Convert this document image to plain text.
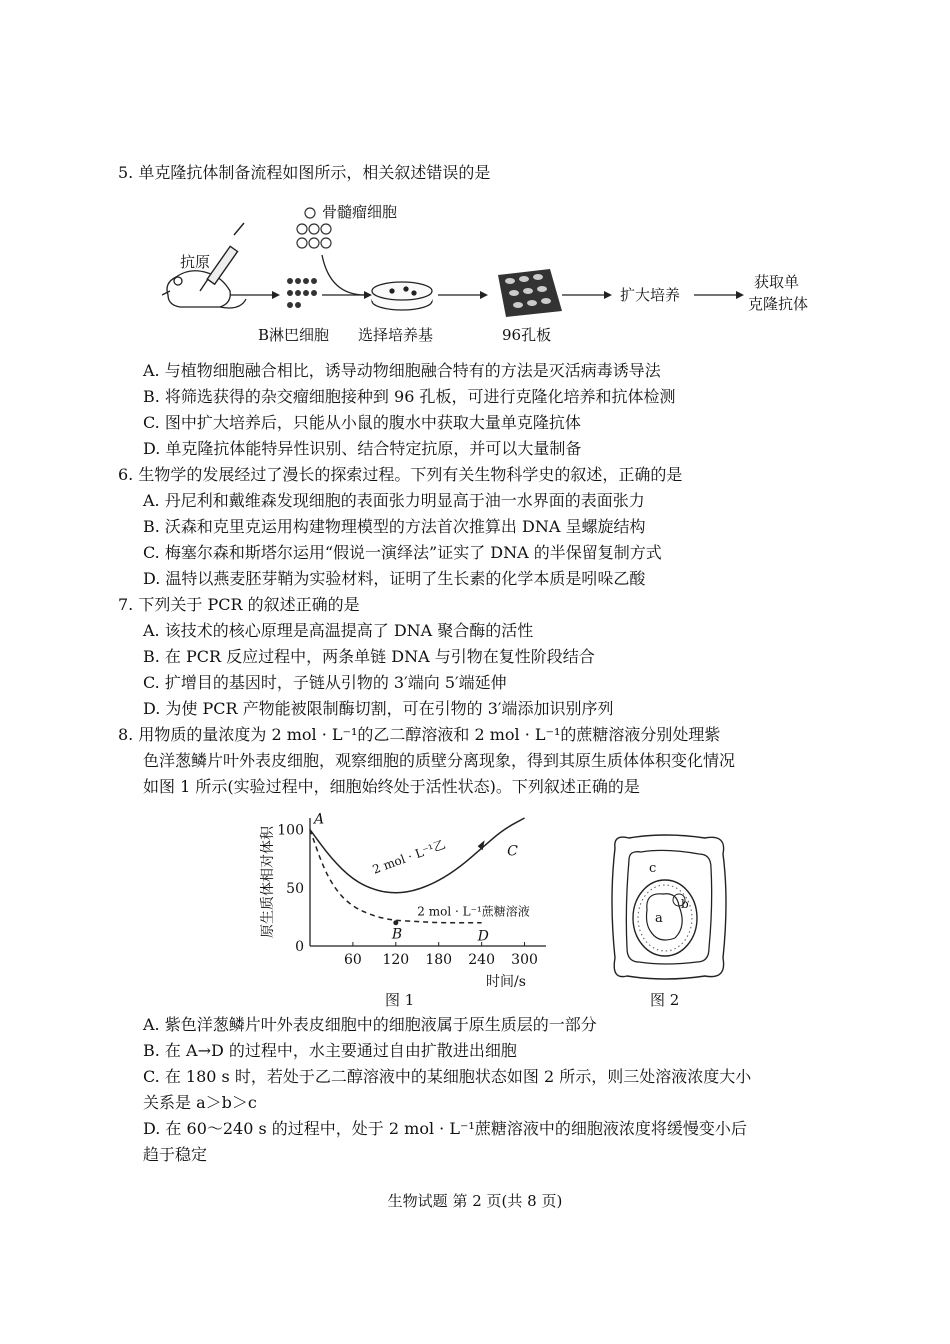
5. 单克隆抗体制备流程如图所示，相关叙述错误的是
抗原
B淋巴细胞
骨髓瘤细胞
选择培养基	96孔板
扩大培养
获取单
克隆抗体
A. 与植物细胞融合相比，诱导动物细胞融合特有的方法是灭活病毒诱导法
B. 将筛选获得的杂交瘤细胞接种到 96 孔板，可进行克隆化培养和抗体检测
C. 图中扩大培养后，只能从小鼠的腹水中获取大量单克隆抗体
D. 单克隆抗体能特异性识别、结合特定抗原，并可以大量制备
6. 生物学的发展经过了漫长的探索过程。下列有关生物科学史的叙述，正确的是
A. 丹尼利和戴维森发现细胞的表面张力明显高于油一水界面的表面张力
B. 沃森和克里克运用构建物理模型的方法首次推算出 DNA 呈螺旋结构
C. 梅塞尔森和斯塔尔运用“假说一演绎法”证实了 DNA 的半保留复制方式
D. 温特以燕麦胚芽鞘为实验材料，证明了生长素的化学本质是吲哚乙酸
7. 下列关于 PCR 的叙述正确的是
A. 该技术的核心原理是高温提高了 DNA 聚合酶的活性
B. 在 PCR 反应过程中，两条单链 DNA 与引物在复性阶段结合
C. 扩增目的基因时，子链从引物的 3′端向 5′端延伸
D. 为使 PCR 产物能被限制酶切割，可在引物的 3′端添加识别序列
8. 用物质的量浓度为 2 mol · L⁻¹的乙二醇溶液和 2 mol · L⁻¹的蔗糖溶液分别处理紫
色洋葱鳞片叶外表皮细胞，观察细胞的质壁分离现象，得到其原生质体体积变化情况
如图 1 所示(实验过程中，细胞始终处于活性状态)。下列叙述正确的是
60 120 180 240 300
0
50
100
时间/s
原生质体相对体积	2 mol · L⁻¹乙
2 mol · L⁻¹蔗糖溶液
A
B
C
D
图 1
a
b
c
图 2
A. 紫色洋葱鳞片叶外表皮细胞中的细胞液属于原生质层的一部分
B. 在 A→D 的过程中，水主要通过自由扩散进出细胞
C. 在 180 s 时，若处于乙二醇溶液中的某细胞状态如图 2 所示，则三处溶液浓度大小
关系是 a＞b＞c
D. 在 60～240 s 的过程中，处于 2 mol · L⁻¹蔗糖溶液中的细胞液浓度将缓慢变小后
趋于稳定
生物试题 第 2 页(共 8 页)
